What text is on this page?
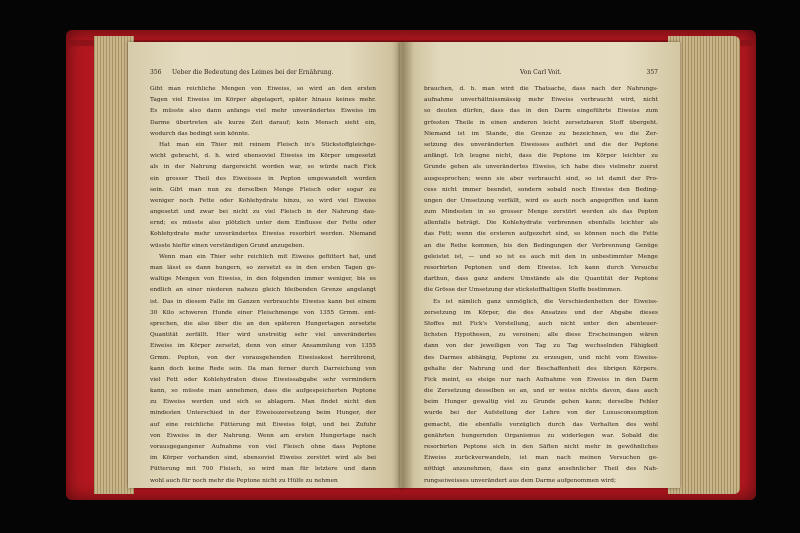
356 Ueber die Bedeutung des Leimes bei der Ernährung.	Von Carl Voit.	357
Gibt man reichliche Mengen von Eiweiss, so wird an den ersten
Tagen viel Eiweiss im Körper abgelagert, später hinaus keines mehr.
Es müsste also dann anfangs viel mehr unverändertes Eiweiss im
Darme übertreten als kurze Zeit darauf; kein Mensch sieht ein,
wodurch das bedingt sein könnte.
Hat man ein Thier mit reinem Fleisch in's Stickstoffgleichge-
wicht gebracht, d. h. wird ebensoviel Eiweiss im Körper umgesetzt
als in der Nahrung dargereicht worden war, so würde nach Fick
ein grosser Theil des Eiweisses in Pepton umgewandelt worden
sein. Gibt man nun zu derselben Menge Fleisch oder sogar zu
weniger noch Fette oder Kohlehydrate hinzu, so wird viel Eiweiss
angesetzt und zwar bei nicht zu viel Fleisch in der Nahrung dau-
ernd; es müsste also plötzlich unter dem Einflusse der Fette oder
Kohlehydrate mehr unverändertes Eiweiss resorbirt werden. Niemand
wüsste hiefür einen verständigen Grund anzugeben.
Wenn man ein Thier sehr reichlich mit Eiweiss gefüttert hat, und
man lässt es dann hungern, so zersetzt es in den ersten Tagen ge-
waltige Mengen von Eiweiss, in den folgenden immer weniger, bis es
endlich an einer niederen nahezu gleich bleibenden Grenze angelangt
ist. Das in diesem Falle im Ganzen verbrauchte Eiweiss kann bei einem
30 Kilo schweren Hunde einer Fleischmenge von 1355 Grmm. ent-
sprechen, die also über die an den späteren Hungertagen zersetzte
Quantität zerfällt. Hier wird unstreitig sehr viel unverändertes
Eiweiss im Körper zersetzt, denn von einer Ansammlung von 1355
Grmm. Pepton, von der vorausgehenden Eiweisskost herrührend,
kann doch keine Rede sein. Da man ferner durch Darreichung von
viel Fett oder Kohlehydraten diese Eiweissabgabe sehr vermindern
kann, so müsste man annehmen, dass die aufgespeicherten Peptone
zu Eiweiss werden und sich so ablagern. Man findet nicht den
mindesten Unterschied in der Eiweisszersetzung beim Hunger, der
auf eine reichliche Fütterung mit Eiweiss folgt, und bei Zufuhr
von Eiweiss in der Nahrung. Wenn am ersten Hungertage nach
vorausgegangener Aufnahme von viel Fleisch ohne dass Peptone
im Körper vorhanden sind, ebensoviel Eiweiss zerstört wird als bei
Fütterung mit 700 Fleisch, so wird man für letztere und dann
wohl auch für noch mehr die Peptone nicht zu Hülfe zu nehmen
brauchen, d. h. man wird die Thatsache, dass nach der Nahrungs-
aufnahme unverhältnissmässig mehr Eiweiss verbraucht wird, nicht
so deuten dürfen, dass das in den Darm eingeführte Eiweiss zum
grössten Theile in einen anderen leicht zersetzbaren Stoff übergeht.
Niemand ist im Stande, die Grenze zu bezeichnen, wo die Zer-
setzung des unveränderten Eiweisses aufhört und die der Peptone
anfängt. Ich leugne nicht, dass die Peptone im Körper leichter zu
Grunde gehen als unverändertes Eiweiss, ich habe dies vielmehr zuerst
ausgesprochen; wenn sie aber verbraucht sind, so ist damit der Pro-
cess nicht immer beendet, sondern sobald noch Eiweiss den Beding-
ungen der Umsetzung verfällt, wird es auch noch angegriffen und kann
zum Mindesten in so grosser Menge zerstört werden als das Pepton
allenfalls beträgt. Die Kohlehydrate verbrennen ebenfalls leichter als
das Fett; wenn die ersteren aufgezehrt sind, so können noch die Fette
an die Reihe kommen, bis den Bedingungen der Verbrennung Genüge
geleistet ist, — und so ist es auch mit den in unbestimmter Menge
resorbirten Peptonen und dem Eiweiss. Ich kann durch Versuche
darthun, dass ganz andere Umstände als die Quantität der Peptone
die Grösse der Umsetzung der stickstoffhaltigen Stoffe bestimmen.
Es ist nämlich ganz unmöglich, die Verschiedenheiten der Eiweiss-
zersetzung im Körper, die des Ansatzes und der Abgabe dieses
Stoffes mit Fick's Vorstellung, auch nicht unter den abenteuer-
lichsten Hypothesen, zu vereinen; alle diese Erscheinungen wären
dann von der jeweiligen von Tag zu Tag wechselnden Fähigkeit
des Darmes abhängig, Peptone zu erzeugen, und nicht vom Eiweiss-
gehalte der Nahrung und der Beschaffenheit des übrigen Körpers.
Fick meint, es steige nur nach Aufnahme von Eiweiss in den Darm
die Zersetzung desselben so an, und er weiss nichts davon, dass auch
beim Hunger gewaltig viel zu Grunde gehen kann; derselbe Fehler
wurde bei der Aufstellung der Lehre von der Luxusconsumption
gemacht, die ebenfalls vorzüglich durch das Verhalten des wohl
genährten hungernden Organismus zu widerlegen war. Sobald die
resorbirten Peptone sich in den Säften nicht mehr in gewöhnliches
Eiweiss zurückverwandeln, ist man nach meinen Versuchen ge-
nöthigt anzunehmen, dass ein ganz ansehnlicher Theil des Nah-
rungseiweisses unverändert aus dem Darme aufgenommen wird;
